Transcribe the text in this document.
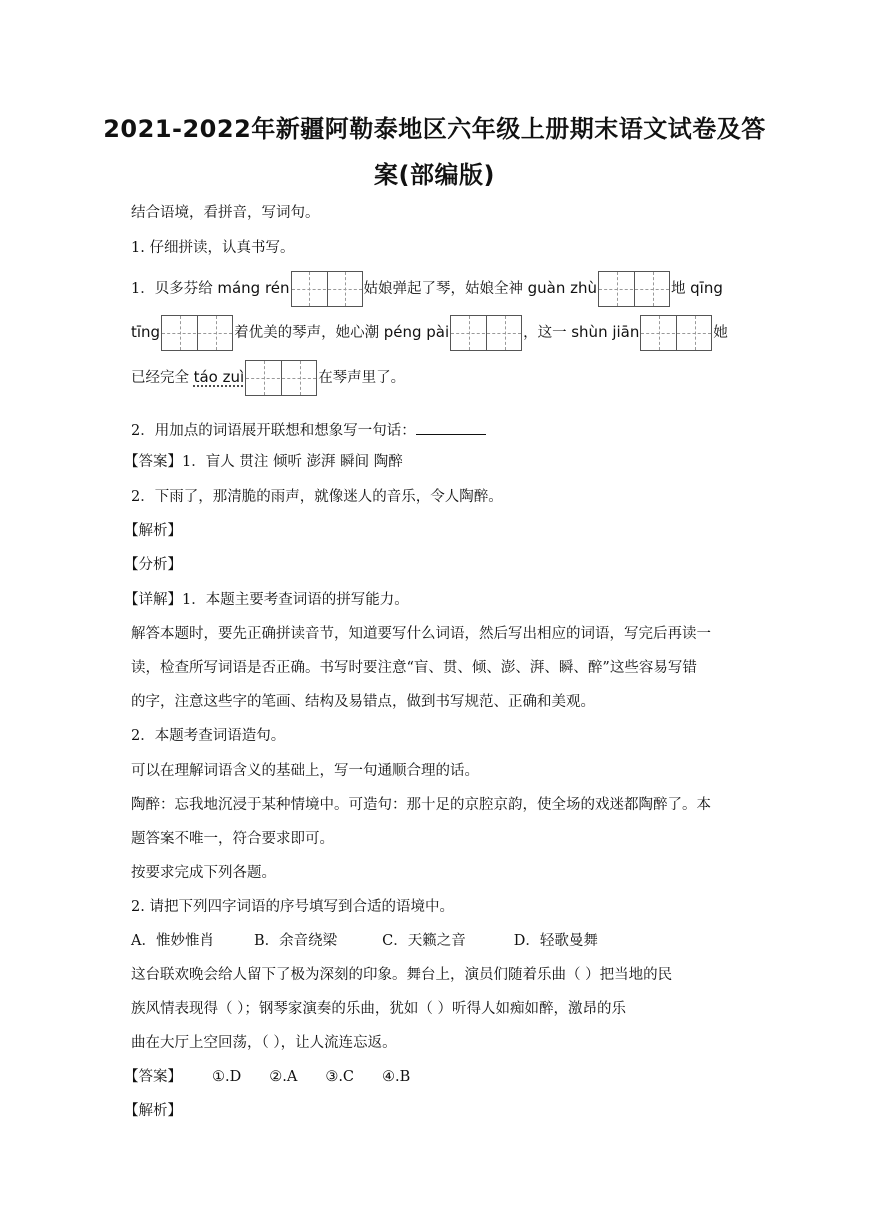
2021-2022年新疆阿勒泰地区六年级上册期末语文试卷及答
案(部编版)
结合语境，看拼音，写词句。
1. 仔细拼读，认真书写。
1．贝多芬给 máng rén	姑娘弹起了琴，姑娘全神 guàn zhù	地 qīng
tīng	着优美的琴声，她心潮 péng pài	，这一 shùn jiān	她
已经完全 táo zuì	在琴声里了。
2．用加点的词语展开联想和想象写一句话：
【答案】1．盲人 贯注 倾听 澎湃 瞬间 陶醉
2．下雨了，那清脆的雨声，就像迷人的音乐，令人陶醉。
【解析】
【分析】
【详解】1．本题主要考查词语的拼写能力。
解答本题时，要先正确拼读音节，知道要写什么词语，然后写出相应的词语，写完后再读一
读，检查所写词语是否正确。书写时要注意“盲、贯、倾、澎、湃、瞬、醉”这些容易写错
的字，注意这些字的笔画、结构及易错点，做到书写规范、正确和美观。
2．本题考查词语造句。
可以在理解词语含义的基础上，写一句通顺合理的话。
陶醉：忘我地沉浸于某种情境中。可造句：那十足的京腔京韵，使全场的戏迷都陶醉了。本
题答案不唯一，符合要求即可。
按要求完成下列各题。
2. 请把下列四字词语的序号填写到合适的语境中。
A．惟妙惟肖	B．余音绕梁	C．天籁之音	D．轻歌曼舞
这台联欢晚会给人留下了极为深刻的印象。舞台上，演员们随着乐曲（ ）把当地的民
族风情表现得（ ）；钢琴家演奏的乐曲，犹如（ ）听得人如痴如醉，激昂的乐
曲在大厅上空回荡，（ ），让人流连忘返。
【答案】 ①.D ②.A ③.C ④.B
【解析】
